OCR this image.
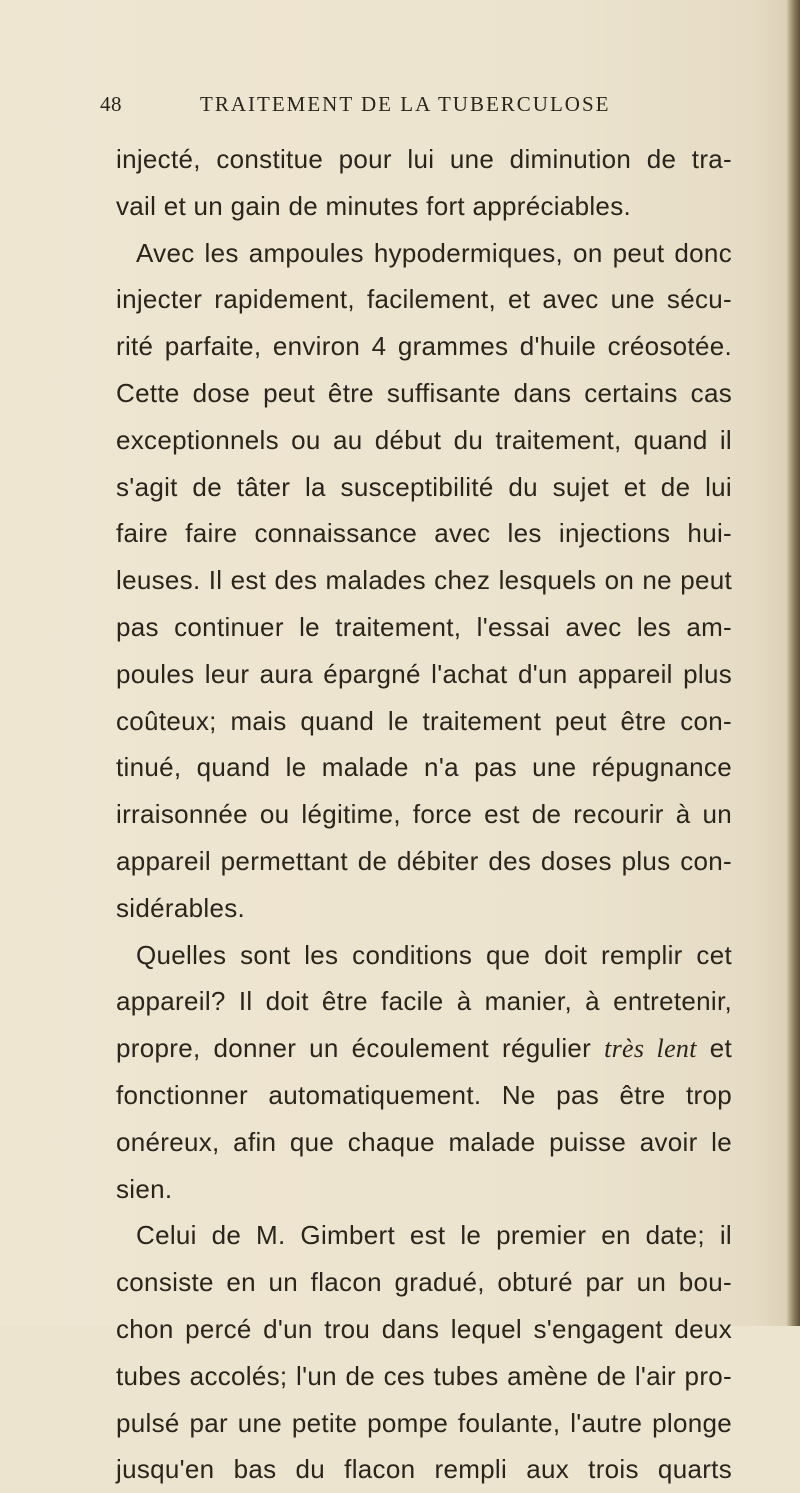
48	TRAITEMENT DE LA TUBERCULOSE
injecté, constitue pour lui une diminution de tra-
vail et un gain de minutes fort appréciables.
Avec les ampoules hypodermiques, on peut donc
injecter rapidement, facilement, et avec une sécu-
rité parfaite, environ 4 grammes d'huile créosotée.
Cette dose peut être suffisante dans certains cas
exceptionnels ou au début du traitement, quand il
s'agit de tâter la susceptibilité du sujet et de lui
faire faire connaissance avec les injections hui-
leuses. Il est des malades chez lesquels on ne peut
pas continuer le traitement, l'essai avec les am-
poules leur aura épargné l'achat d'un appareil plus
coûteux; mais quand le traitement peut être con-
tinué, quand le malade n'a pas une répugnance
irraisonnée ou légitime, force est de recourir à un
appareil permettant de débiter des doses plus con-
sidérables.
Quelles sont les conditions que doit remplir cet
appareil? Il doit être facile à manier, à entretenir,
propre, donner un écoulement régulier très lent et
fonctionner automatiquement. Ne pas être trop
onéreux, afin que chaque malade puisse avoir le
sien.
Celui de M. Gimbert est le premier en date; il
consiste en un flacon gradué, obturé par un bou-
chon percé d'un trou dans lequel s'engagent deux
tubes accolés; l'un de ces tubes amène de l'air pro-
pulsé par une petite pompe foulante, l'autre plonge
jusqu'en bas du flacon rempli aux trois quarts
